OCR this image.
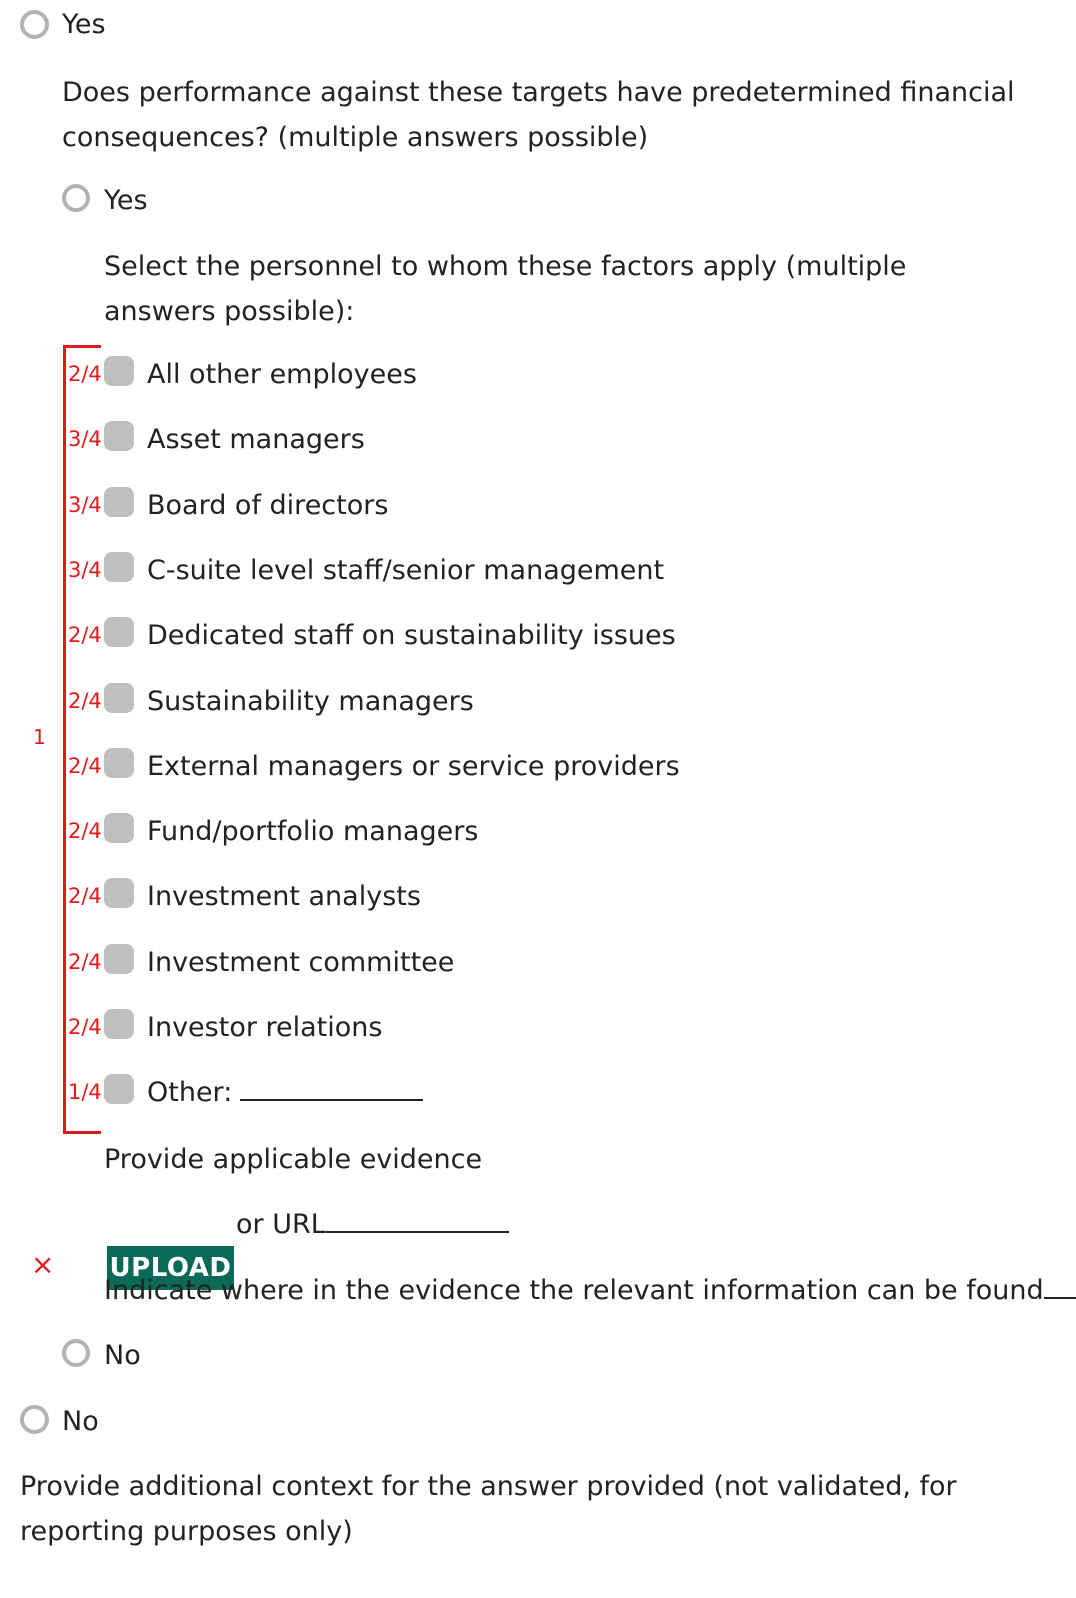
Yes
Does performance against these targets have predetermined financial consequences? (multiple answers possible)
Yes
Select the personnel to whom these factors apply (multiple answers possible):
1
2/4 All other employees
3/4 Asset managers
3/4 Board of directors
3/4 C-suite level staff/senior management
2/4 Dedicated staff on sustainability issues
2/4 Sustainability managers
2/4 External managers or service providers
2/4 Fund/portfolio managers
2/4 Investment analysts
2/4 Investment committee
2/4 Investor relations
1/4 Other:
Provide applicable evidence
UPLOAD
or URL
×
Indicate where in the evidence the relevant information can be found
No
No
Provide additional context for the answer provided (not validated, for reporting purposes only)
